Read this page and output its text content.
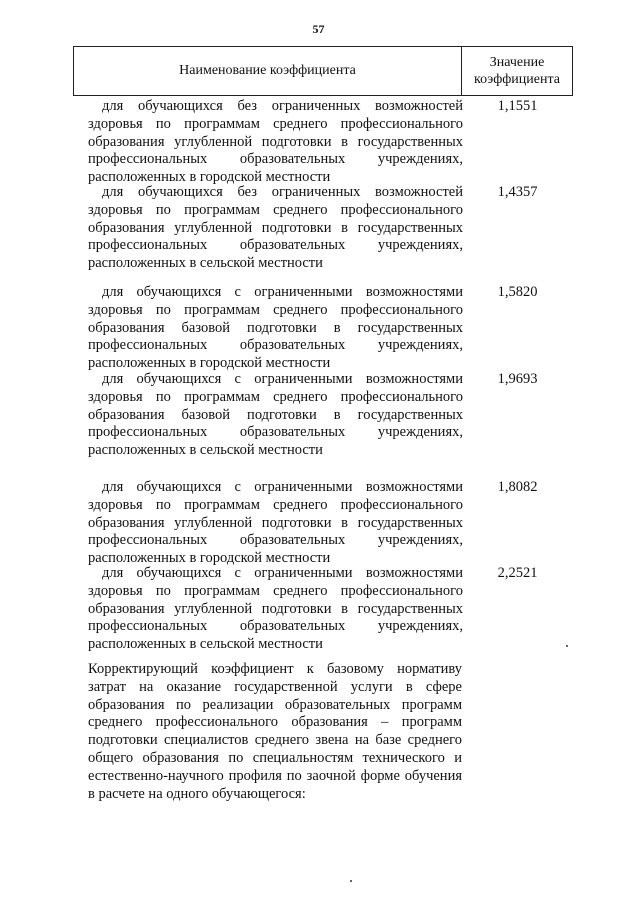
57
Наименование коэффициента
Значение коэффициента
для обучающихся без ограниченных возможностей здоровья по программам среднего профессионального образования углубленной подготовки в государственных профессиональных образовательных учреждениях, расположенных в городской местности
1,1551
для обучающихся без ограниченных возможностей здоровья по программам среднего профессионального образования углубленной подготовки в государственных профессиональных образовательных учреждениях, расположенных в сельской местности
1,4357
для обучающихся с ограниченными возможностями здоровья по программам среднего профессионального образования базовой подготовки в государственных профессиональных образовательных учреждениях, расположенных в городской местности
1,5820
для обучающихся с ограниченными возможностями здоровья по программам среднего профессионального образования базовой подготовки в государственных профессиональных образовательных учреждениях, расположенных в сельской местности
1,9693
для обучающихся с ограниченными возможностями здоровья по программам среднего профессионального образования углубленной подготовки в государственных профессиональных образовательных учреждениях, расположенных в городской местности
1,8082
для обучающихся с ограниченными возможностями здоровья по программам среднего профессионального образования углубленной подготовки в государственных профессиональных образовательных учреждениях, расположенных в сельской местности
2,2521
Корректирующий коэффициент к базовому нормативу затрат на оказание государственной услуги в сфере образования по реализации образовательных программ среднего профессионального образования – программ подготовки специалистов среднего звена на базе среднего общего образования по специальностям технического и естественно-научного профиля по заочной форме обучения в расчете на одного обучающегося:
